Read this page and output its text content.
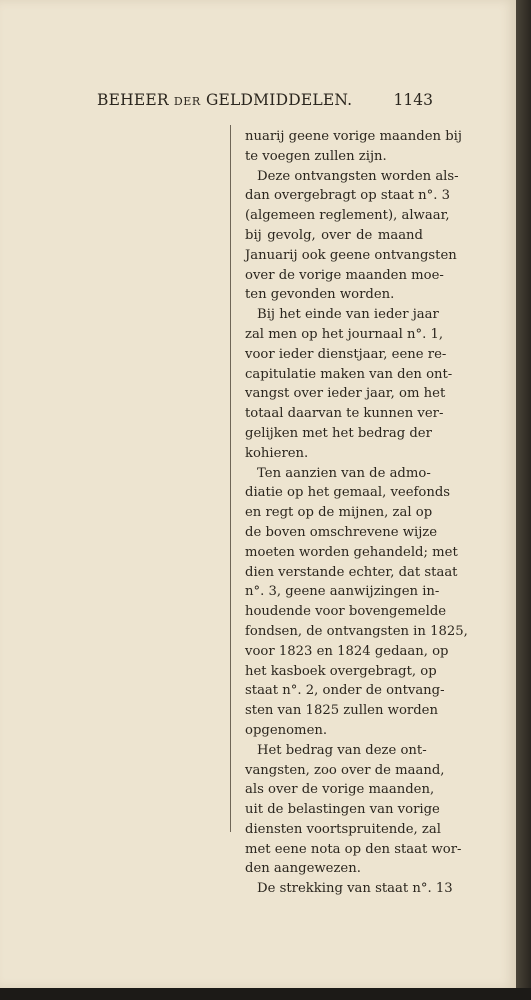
BEHEER DER GELDMIDDELEN.	1143
nuarij geene vorige maanden bij
te voegen zullen zijn.
Deze ontvangsten worden als-
dan overgebragt op staat n°. 3
(algemeen reglement), alwaar,
bij gevolg, over de maand
Januarij ook geene ontvangsten
over de vorige maanden moe-
ten gevonden worden.
Bij het einde van ieder jaar
zal men op het journaal n°. 1,
voor ieder dienstjaar, eene re-
capitulatie maken van den ont-
vangst over ieder jaar, om het
totaal daarvan te kunnen ver-
gelijken met het bedrag der
kohieren.
Ten aanzien van de admo-
diatie op het gemaal, veefonds
en regt op de mijnen, zal op
de boven omschrevene wijze
moeten worden gehandeld; met
dien verstande echter, dat staat
n°. 3, geene aanwijzingen in-
houdende voor bovengemelde
fondsen, de ontvangsten in 1825,
voor 1823 en 1824 gedaan, op
het kasboek overgebragt, op
staat n°. 2, onder de ontvang-
sten van 1825 zullen worden
opgenomen.
Het bedrag van deze ont-
vangsten, zoo over de maand,
als over de vorige maanden,
uit de belastingen van vorige
diensten voortspruitende, zal
met eene nota op den staat wor-
den aangewezen.
De strekking van staat n°. 13
